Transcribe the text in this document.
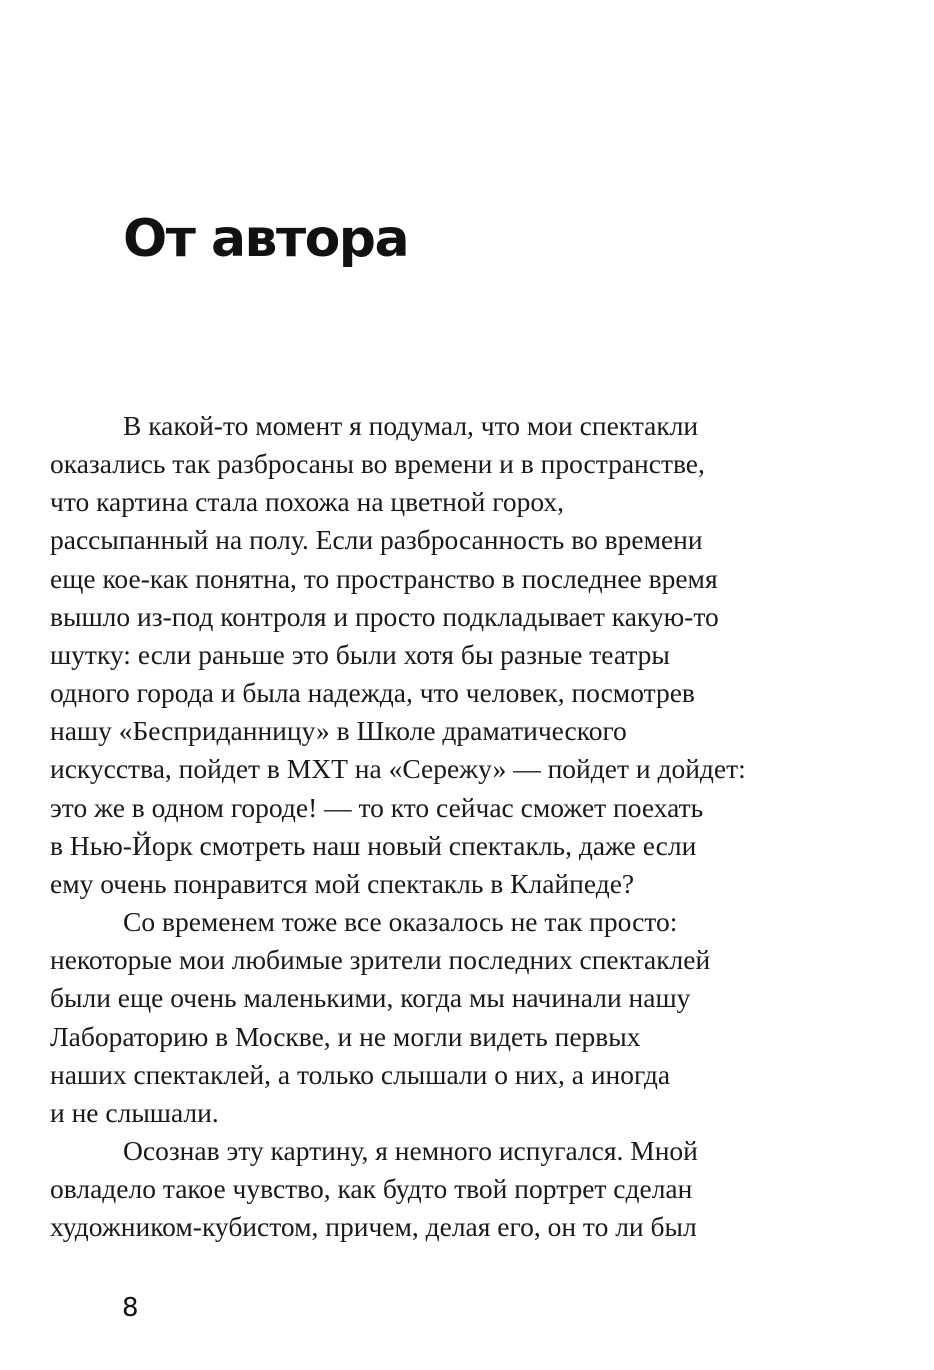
От автора
В какой-то момент я подумал, что мои спектакли
оказались так разбросаны во времени и в пространстве,
что картина стала похожа на цветной горох,
рассыпанный на полу. Если разбросанность во времени
еще кое-как понятна, то пространство в последнее время
вышло из-под контроля и просто подкладывает какую-то
шутку: если раньше это были хотя бы разные театры
одного города и была надежда, что человек, посмотрев
нашу «Бесприданницу» в Школе драматического
искусства, пойдет в МХТ на «Сережу» — пойдет и дойдет:
это же в одном городе! — то кто сейчас сможет поехать
в Нью-Йорк смотреть наш новый спектакль, даже если
ему очень понравится мой спектакль в Клайпеде?
Со временем тоже все оказалось не так просто:
некоторые мои любимые зрители последних спектаклей
были еще очень маленькими, когда мы начинали нашу
Лабораторию в Москве, и не могли видеть первых
наших спектаклей, а только слышали о них, а иногда
и не слышали.
Осознав эту картину, я немного испугался. Мной
овладело такое чувство, как будто твой портрет сделан
художником-кубистом, причем, делая его, он то ли был
8
